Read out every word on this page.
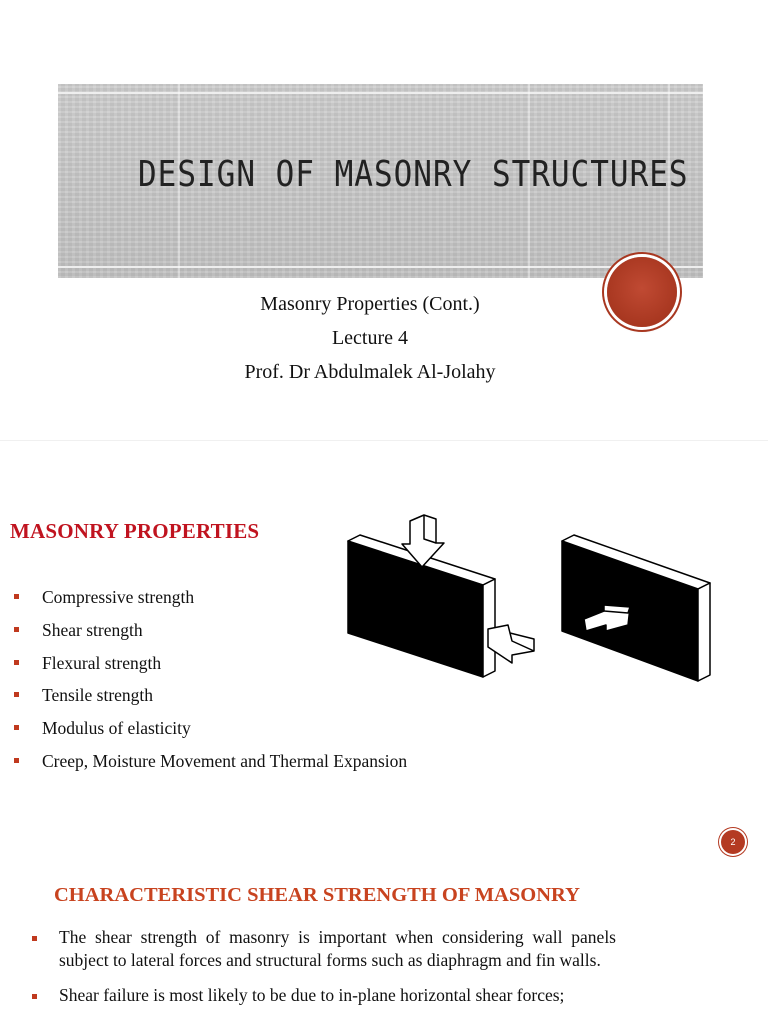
DESIGN OF MASONRY STRUCTURES
Masonry Properties (Cont.)
Lecture 4
Prof. Dr Abdulmalek Al-Jolahy
MASONRY PROPERTIES
Compressive strength
Shear strength
Flexural strength
Tensile strength
Modulus of elasticity
Creep, Moisture Movement and Thermal Expansion
2
CHARACTERISTIC SHEAR STRENGTH OF MASONRY
The shear strength of masonry is important when considering wall panels subject to lateral forces and structural forms such as diaphragm and fin walls.
Shear failure is most likely to be due to in-plane horizontal shear forces;
